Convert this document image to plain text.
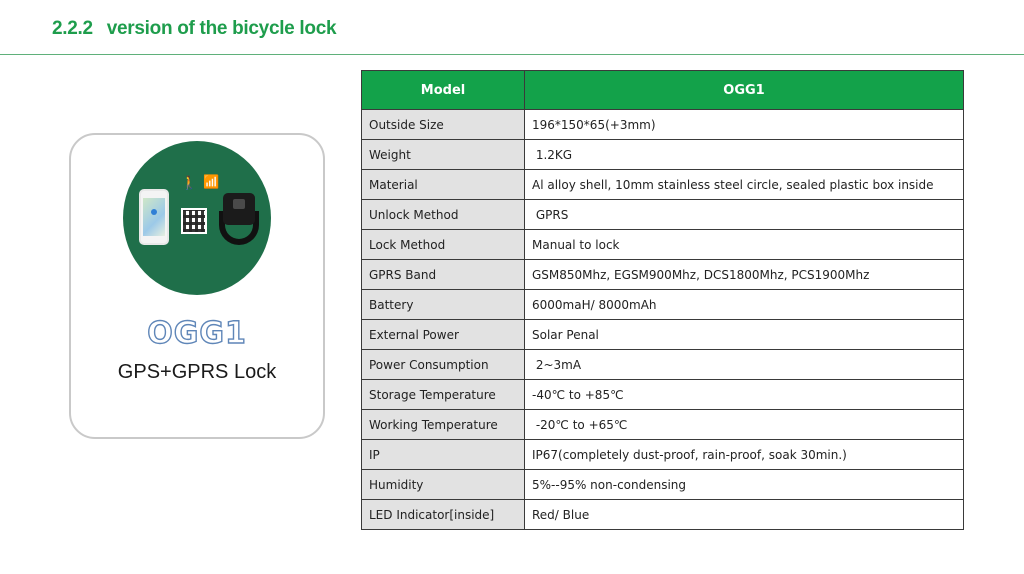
2.2.2 version of the bicycle lock
🚶 📶
OGG1
GPS+GPRS Lock
Model	OGG1
Outside Size	196*150*65(+3mm)
Weight	1.2KG
Material	Al alloy shell, 10mm stainless steel circle, sealed plastic box inside
Unlock Method	GPRS
Lock Method	Manual to lock
GPRS Band	GSM850Mhz, EGSM900Mhz, DCS1800Mhz, PCS1900Mhz
Battery	6000maH/ 8000mAh
External Power	Solar Penal
Power Consumption	2~3mA
Storage Temperature	-40℃ to +85℃
Working Temperature	-20℃ to +65℃
IP	IP67(completely dust-proof, rain-proof, soak 30min.)
Humidity	5%--95% non-condensing
LED Indicator[inside]	Red/ Blue
